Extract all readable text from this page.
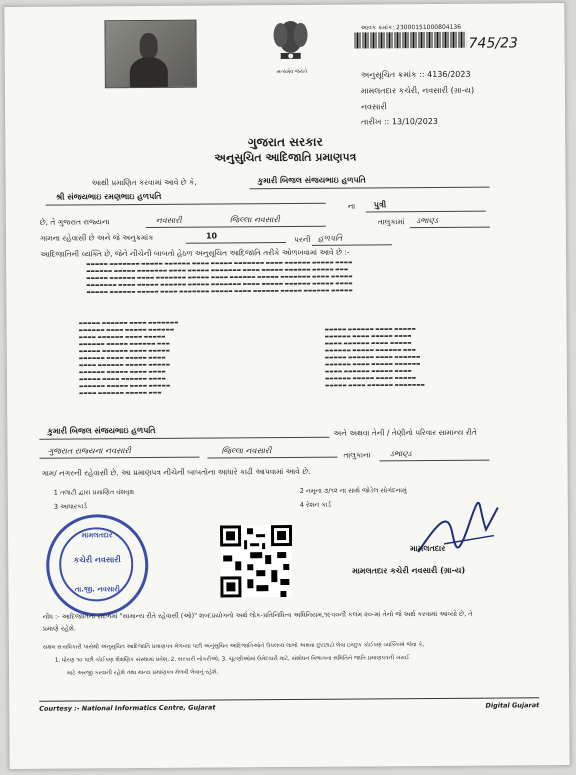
સત્યમેવ જયતે
આવક ક્રમાંક: 23000151000804136
745/23
અનુસૂચિત ક્રમાંક :: 4136/2023
મામલતદાર કચેરી, નવસારી (ગ્રા-ય)
નવસારી
તારીખ :: 13/10/2023
ગુજરાત સરકાર
અનુસુચિત આદિજાતિ પ્રમાણપત્ર
આથી પ્રમાણિત કરવામાં આવે છે કે,	કુમારી બિજલ સંજયભાઇ હળપતિ
શ્રી સંજયભાઇ રમણભાઇ હળપતિ
ના પુત્રી
છે, તે ગુજરાત રાજ્યના	નવસારી	જિલ્લા નવસારી	તાલુકામાં ડભાણ્ડ
ગામના રહેવાસી છે અને જે અનુક્રમાંક	10	પરની હળપતિ
આદિજાતિની વ્યક્તિ છે, જેને નીચેની બાબતો હેઠળ અનુસૂચિત આદિજાતિ તરીકે ઓળખવામાં આવે છે :-
▬▬▬▬▬ ▬▬▬▬▬▬▬ ▬▬▬▬▬ ▬▬▬▬▬▬ ▬▬▬▬ ▬▬▬▬▬ ▬▬▬▬▬▬▬ ▬▬▬▬ ▬▬▬▬▬▬ ▬▬▬▬▬ ▬▬▬▬
▬▬▬▬▬▬ ▬▬▬▬▬ ▬▬▬▬▬▬▬ ▬▬▬▬ ▬▬▬▬▬ ▬▬▬▬▬▬▬ ▬▬▬▬ ▬▬▬▬▬ ▬▬▬▬▬▬ ▬▬▬▬▬ ▬▬▬
▬▬▬▬▬ ▬▬▬▬▬▬ ▬▬▬▬ ▬▬▬▬▬▬▬ ▬▬▬▬▬ ▬▬▬▬ ▬▬▬▬▬▬ ▬▬▬▬▬ ▬▬▬▬▬▬▬ ▬▬▬▬ ▬▬▬▬▬
▬▬▬▬▬▬▬ ▬▬▬▬ ▬▬▬▬▬ ▬▬▬▬▬▬ ▬▬▬▬▬ ▬▬▬▬▬▬▬ ▬▬▬▬ ▬▬▬▬▬ ▬▬▬▬▬▬ ▬▬▬▬▬ ▬▬▬▬
▬▬▬▬▬ ▬▬▬▬▬▬ ▬▬▬▬▬ ▬▬▬▬ ▬▬▬▬▬▬▬ ▬▬▬▬▬ ▬▬▬▬ ▬▬▬▬▬▬ ▬▬▬▬▬ ▬▬▬▬▬▬ ▬▬▬▬▬
▬▬▬▬▬ ▬▬▬▬▬▬ ▬▬▬▬ ▬▬▬▬▬▬▬
▬▬▬▬▬▬ ▬▬▬▬ ▬▬▬▬▬ ▬▬▬▬▬▬
▬▬▬▬ ▬▬▬▬▬▬ ▬▬▬▬ ▬▬▬▬▬
▬▬▬▬▬▬ ▬▬▬▬▬ ▬▬▬▬▬▬ ▬▬▬
▬▬▬▬▬ ▬▬▬▬▬▬ ▬▬▬▬ ▬▬▬▬▬
▬▬▬▬▬▬ ▬▬▬▬ ▬▬▬▬▬ ▬▬▬▬
▬▬▬▬ ▬▬▬▬▬▬ ▬▬▬▬▬ ▬▬▬▬▬
▬▬▬▬▬▬ ▬▬▬▬▬ ▬▬▬▬ ▬▬▬▬
▬▬▬▬▬ ▬▬▬▬ ▬▬▬▬▬▬ ▬▬▬▬
▬▬▬▬▬▬ ▬▬▬▬▬ ▬▬▬▬ ▬▬▬▬▬
▬▬▬▬ ▬▬▬▬▬▬ ▬▬▬▬▬ ▬▬▬
▬▬▬▬▬ ▬▬▬▬▬▬ ▬▬▬▬ ▬▬▬▬▬
▬▬▬▬▬▬ ▬▬▬▬ ▬▬▬▬▬ ▬▬▬▬
▬▬▬▬ ▬▬▬▬▬▬ ▬▬▬▬ ▬▬▬▬▬
▬▬▬▬▬▬ ▬▬▬▬▬ ▬▬▬▬▬▬ ▬▬▬
▬▬▬▬▬ ▬▬▬▬▬▬ ▬▬▬▬ ▬▬▬▬▬▬
▬▬▬▬▬▬ ▬▬▬▬ ▬▬▬▬▬ ▬▬▬▬▬▬
▬▬▬▬ ▬▬▬▬▬▬ ▬▬▬▬▬ ▬▬▬▬
▬▬▬▬▬▬ ▬▬▬▬▬ ▬▬▬▬ ▬▬▬▬▬
▬▬▬▬▬ ▬▬▬▬ ▬▬▬▬▬▬ ▬▬▬▬▬▬▬
કુમારી બિજલ સંજયભાઇ હળપતિ	અને અથવા તેની / તેણીનો પરિવાર સામાન્ય રીતે
ગુજરાત રાજ્યના નવસારી	જિલ્લા નવસારી	તાલુકાના ડભાણ્ડ
ગામ/ નગરની રહેવાસી છે. આ પ્રમાણપત્ર નીચેની બાબતોના આધારે કાઢી આપવામાં આવે છે.
1 તલાટી દ્વારા પ્રમાણિત વંશવૃક્ષ	2 નમૂના ૭/૧૨ ના સાથે જોડેલ સોગંદનામું
3 આધારકાર્ડ	4 રેશન કાર્ડ
મામલતદાર
કચેરી નવસારી
તા.જી. નવસારી
મામલતદાર
મામલતદાર કચેરી નવસારી (ગ્રા-ય)
નોંધ :- આદિજાતિના સંદર્ભમાં "સામાન્ય રીતે રહેવાસી (ઓ)" શબ્દપ્રયોગનો અર્થ લોક-પ્રતિનિધિત્વ અધિનિયમ,૧૯૫૦ની કલમ ૨૦-માં તેનો જે અર્થ કરવામાં આવ્યો છે, તે
પ્રમાણે રહેશે.
સક્ષમ સત્તાધિકારી પાસેથી અનુસુચિત આદિજાતિ પ્રમાણપત્ર મેળવ્યા પછી અનુસુચિત આદિજાતિઓને ઉપલબ્ધ લાભો અથવા છુટછાટો લેવા ઇચ્છુક કોઈપણ વ્યક્તિએ જેવા કે,
1. ધોરણ ૧૦ પછી કોઈપણ શૈક્ષણિક સંસ્થામાં પ્રવેશ, 2. સરકારી નોકરીઓ, 3. ચૂંટણીઓમાં ઉમેદવારી માટે, સંશોધન વિભાગના સમિતિને જાતિ પ્રમાણપત્રની ખરાઈ
માટે અરજી કરવાની રહેશે તથા માન્ય પ્રમાણપત્ર મેળવી લેવાનું રહેશે.
Courtesy :- National Informatics Centre, Gujarat	Digital Gujarat
